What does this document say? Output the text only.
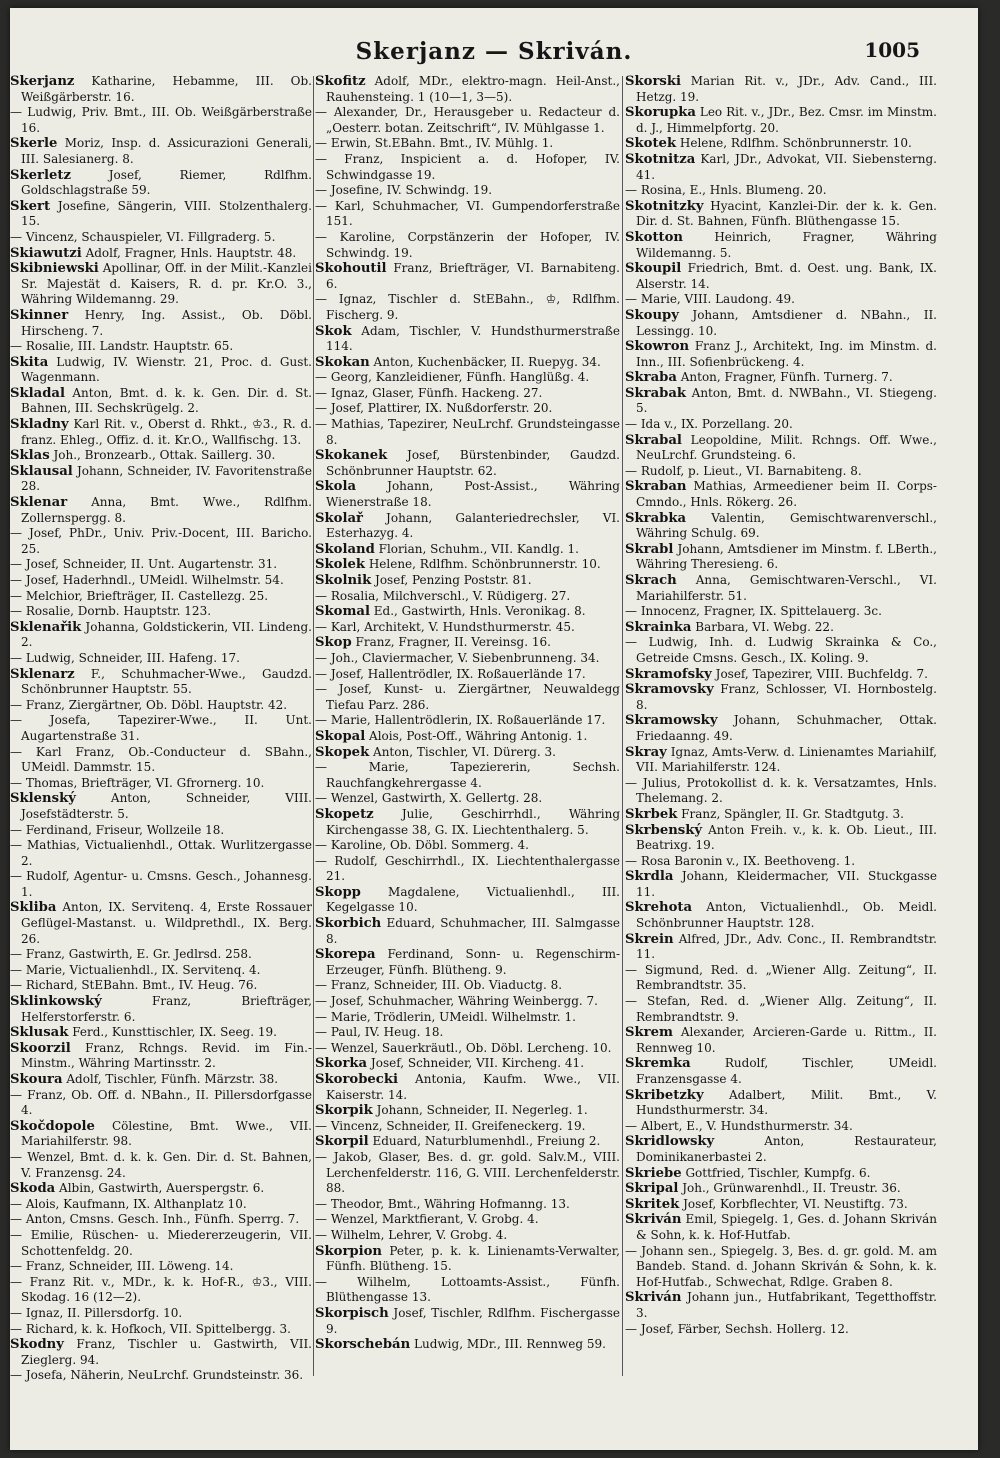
Skerjanz — Skriván.	1005

Skerjanz Katharine, Hebamme, III. Ob. Weißgärberstr. 16.

— Ludwig, Priv. Bmt., III. Ob. Weißgärberstraße 16.

Skerle Moriz, Insp. d. Assicurazioni Generali, III. Salesianerg. 8.

Skerletz Josef, Riemer, Rdlfhm. Goldschlagstraße 59.

Skert Josefine, Sängerin, VIII. Stolzenthalerg. 15.

— Vincenz, Schauspieler, VI. Fillgraderg. 5.

Skiawutzi Adolf, Fragner, Hnls. Hauptstr. 48.

Skibniewski Apollinar, Off. in der Milit.-Kanzlei Sr. Majestät d. Kaisers, R. d. pr. Kr.O. 3., Währing Wildemanng. 29.

Skinner Henry, Ing. Assist., Ob. Döbl. Hirscheng. 7.

— Rosalie, III. Landstr. Hauptstr. 65.

Skita Ludwig, IV. Wienstr. 21, Proc. d. Gust. Wagenmann.

Skladal Anton, Bmt. d. k. k. Gen. Dir. d. St. Bahnen, III. Sechskrügelg. 2.

Skladny Karl Rit. v., Oberst d. Rhkt., ♔3., R. d. franz. Ehleg., Offiz. d. it. Kr.O., Wallfischg. 13.

Sklas Joh., Bronzearb., Ottak. Saillerg. 30.

Sklausal Johann, Schneider, IV. Favoritenstraße 28.

Sklenar Anna, Bmt. Wwe., Rdlfhm. Zollernspergg. 8.

— Josef, PhDr., Univ. Priv.-Docent, III. Baricho. 25.

— Josef, Schneider, II. Unt. Augartenstr. 31.

— Josef, Haderhndl., UMeidl. Wilhelmstr. 54.

— Melchior, Briefträger, II. Castellezg. 25.

— Rosalie, Dornb. Hauptstr. 123.

Sklenařik Johanna, Goldstickerin, VII. Lindeng. 2.

— Ludwig, Schneider, III. Hafeng. 17.

Sklenarz F., Schuhmacher-Wwe., Gaudzd. Schönbrunner Hauptstr. 55.

— Franz, Ziergärtner, Ob. Döbl. Hauptstr. 42.

— Josefa, Tapezirer-Wwe., II. Unt. Augartenstraße 31.

— Karl Franz, Ob.-Conducteur d. SBahn., UMeidl. Dammstr. 15.

— Thomas, Briefträger, VI. Gfrornerg. 10.

Sklenský Anton, Schneider, VIII. Josefstädterstr. 5.

— Ferdinand, Friseur, Wollzeile 18.

— Mathias, Victualienhdl., Ottak. Wurlitzergasse 2.

— Rudolf, Agentur- u. Cmsns. Gesch., Johannesg. 1.

Skliba Anton, IX. Servitenq. 4, Erste Rossauer Geflügel-Mastanst. u. Wildprethdl., IX. Berg. 26.

— Franz, Gastwirth, E. Gr. Jedlrsd. 258.

— Marie, Victualienhdl., IX. Servitenq. 4.

— Richard, StEBahn. Bmt., IV. Heug. 76.

Sklinkowský Franz, Briefträger, Helferstorferstr. 6.

Sklusak Ferd., Kunsttischler, IX. Seeg. 19.

Skoorzil Franz, Rchngs. Revid. im Fin.-Minstm., Währing Martinsstr. 2.

Skoura Adolf, Tischler, Fünfh. Märzstr. 38.

— Franz, Ob. Off. d. NBahn., II. Pillersdorfgasse 4.

Skočdopole Cölestine, Bmt. Wwe., VII. Mariahilferstr. 98.

— Wenzel, Bmt. d. k. k. Gen. Dir. d. St. Bahnen, V. Franzensg. 24.

Skoda Albin, Gastwirth, Auerspergstr. 6.

— Alois, Kaufmann, IX. Althanplatz 10.

— Anton, Cmsns. Gesch. Inh., Fünfh. Sperrg. 7.

— Emilie, Rüschen- u. Miedererzeugerin, VII. Schottenfeldg. 20.

— Franz, Schneider, III. Löweng. 14.

— Franz Rit. v., MDr., k. k. Hof-R., ♔3., VIII. Skodag. 16 (12—2).

— Ignaz, II. Pillersdorfg. 10.

— Richard, k. k. Hofkoch, VII. Spittelbergg. 3.

Skodny Franz, Tischler u. Gastwirth, VII. Zieglerg. 94.

— Josefa, Näherin, NeuLrchf. Grundsteinstr. 36.

Skofitz Adolf, MDr., elektro-magn. Heil-Anst., Rauhensteing. 1 (10—1, 3—5).

— Alexander, Dr., Herausgeber u. Redacteur d. „Oesterr. botan. Zeitschrift“, IV. Mühlgasse 1.

— Erwin, St.EBahn. Bmt., IV. Mühlg. 1.

— Franz, Inspicient a. d. Hofoper, IV. Schwindgasse 19.

— Josefine, IV. Schwindg. 19.

— Karl, Schuhmacher, VI. Gumpendorferstraße 151.

— Karoline, Corpstänzerin der Hofoper, IV. Schwindg. 19.

Skohoutil Franz, Briefträger, VI. Barnabiteng. 6.

— Ignaz, Tischler d. StEBahn., ♔, Rdlfhm. Fischerg. 9.

Skok Adam, Tischler, V. Hundsthurmerstraße 114.

Skokan Anton, Kuchenbäcker, II. Ruepyg. 34.

— Georg, Kanzleidiener, Fünfh. Hanglüßg. 4.

— Ignaz, Glaser, Fünfh. Hackeng. 27.

— Josef, Plattirer, IX. Nußdorferstr. 20.

— Mathias, Tapezirer, NeuLrchf. Grundsteingasse 8.

Skokanek Josef, Bürstenbinder, Gaudzd. Schönbrunner Hauptstr. 62.

Skola Johann, Post-Assist., Währing Wienerstraße 18.

Skolař Johann, Galanteriedrechsler, VI. Esterhazyg. 4.

Skoland Florian, Schuhm., VII. Kandlg. 1.

Skolek Helene, Rdlfhm. Schönbrunnerstr. 10.

Skolnik Josef, Penzing Poststr. 81.

— Rosalia, Milchverschl., V. Rüdigerg. 27.

Skomal Ed., Gastwirth, Hnls. Veronikag. 8.

— Karl, Architekt, V. Hundsthurmerstr. 45.

Skop Franz, Fragner, II. Vereinsg. 16.

— Joh., Claviermacher, V. Siebenbrunneng. 34.

— Josef, Hallentrödler, IX. Roßauerlände 17.

— Josef, Kunst- u. Ziergärtner, Neuwaldegg Tiefau Parz. 286.

— Marie, Hallentrödlerin, IX. Roßauerlände 17.

Skopal Alois, Post-Off., Währing Antonig. 1.

Skopek Anton, Tischler, VI. Dürerg. 3.

— Marie, Tapeziererin, Sechsh. Rauchfangkehrergasse 4.

— Wenzel, Gastwirth, X. Gellertg. 28.

Skopetz Julie, Geschirrhdl., Währing Kirchengasse 38, G. IX. Liechtenthalerg. 5.

— Karoline, Ob. Döbl. Sommerg. 4.

— Rudolf, Geschirrhdl., IX. Liechtenthalergasse 21.

Skopp Magdalene, Victualienhdl., III. Kegelgasse 10.

Skorbich Eduard, Schuhmacher, III. Salmgasse 8.

Skorepa Ferdinand, Sonn- u. Regenschirm-Erzeuger, Fünfh. Blütheng. 9.

— Franz, Schneider, III. Ob. Viaductg. 8.

— Josef, Schuhmacher, Währing Weinbergg. 7.

— Marie, Trödlerin, UMeidl. Wilhelmstr. 1.

— Paul, IV. Heug. 18.

— Wenzel, Sauerkräutl., Ob. Döbl. Lercheng. 10.

Skorka Josef, Schneider, VII. Kircheng. 41.

Skorobecki Antonia, Kaufm. Wwe., VII. Kaiserstr. 14.

Skorpik Johann, Schneider, II. Negerleg. 1.

— Vincenz, Schneider, II. Greifeneckerg. 19.

Skorpil Eduard, Naturblumenhdl., Freiung 2.

— Jakob, Glaser, Bes. d. gr. gold. Salv.M., VIII. Lerchenfelderstr. 116, G. VIII. Lerchenfelderstr. 88.

— Theodor, Bmt., Währing Hofmanng. 13.

— Wenzel, Marktfierant, V. Grobg. 4.

— Wilhelm, Lehrer, V. Grobg. 4.

Skorpion Peter, p. k. k. Linienamts-Verwalter, Fünfh. Blütheng. 15.

— Wilhelm, Lottoamts-Assist., Fünfh. Blüthengasse 13.

Skorpisch Josef, Tischler, Rdlfhm. Fischergasse 9.

Skorschebán Ludwig, MDr., III. Rennweg 59.

Skorski Marian Rit. v., JDr., Adv. Cand., III. Hetzg. 19.

Skorupka Leo Rit. v., JDr., Bez. Cmsr. im Minstm. d. J., Himmelpfortg. 20.

Skotek Helene, Rdlfhm. Schönbrunnerstr. 10.

Skotnitza Karl, JDr., Advokat, VII. Siebensterng. 41.

— Rosina, E., Hnls. Blumeng. 20.

Skotnitzky Hyacint, Kanzlei-Dir. der k. k. Gen. Dir. d. St. Bahnen, Fünfh. Blüthengasse 15.

Skotton Heinrich, Fragner, Währing Wildemanng. 5.

Skoupil Friedrich, Bmt. d. Oest. ung. Bank, IX. Alserstr. 14.

— Marie, VIII. Laudong. 49.

Skoupy Johann, Amtsdiener d. NBahn., II. Lessingg. 10.

Skowron Franz J., Architekt, Ing. im Minstm. d. Inn., III. Sofienbrückeng. 4.

Skraba Anton, Fragner, Fünfh. Turnerg. 7.

Skrabak Anton, Bmt. d. NWBahn., VI. Stiegeng. 5.

— Ida v., IX. Porzellang. 20.

Skrabal Leopoldine, Milit. Rchngs. Off. Wwe., NeuLrchf. Grundsteing. 6.

— Rudolf, p. Lieut., VI. Barnabiteng. 8.

Skraban Mathias, Armeediener beim II. Corps-Cmndo., Hnls. Rökerg. 26.

Skrabka Valentin, Gemischtwarenverschl., Währing Schulg. 69.

Skrabl Johann, Amtsdiener im Minstm. f. LBerth., Währing Theresieng. 6.

Skrach Anna, Gemischtwaren-Verschl., VI. Mariahilferstr. 51.

— Innocenz, Fragner, IX. Spittelauerg. 3c.

Skrainka Barbara, VI. Webg. 22.

— Ludwig, Inh. d. Ludwig Skrainka & Co., Getreide Cmsns. Gesch., IX. Koling. 9.

Skramofsky Josef, Tapezirer, VIII. Buchfeldg. 7.

Skramovsky Franz, Schlosser, VI. Hornbostelg. 8.

Skramowsky Johann, Schuhmacher, Ottak. Friedaanng. 49.

Skray Ignaz, Amts-Verw. d. Linienamtes Mariahilf, VII. Mariahilferstr. 124.

— Julius, Protokollist d. k. k. Versatzamtes, Hnls. Thelemang. 2.

Skrbek Franz, Spängler, II. Gr. Stadtgutg. 3.

Skrbenský Anton Freih. v., k. k. Ob. Lieut., III. Beatrixg. 19.

— Rosa Baronin v., IX. Beethoveng. 1.

Skrdla Johann, Kleidermacher, VII. Stuckgasse 11.

Skrehota Anton, Victualienhdl., Ob. Meidl. Schönbrunner Hauptstr. 128.

Skrein Alfred, JDr., Adv. Conc., II. Rembrandtstr. 11.

— Sigmund, Red. d. „Wiener Allg. Zeitung“, II. Rembrandtstr. 35.

— Stefan, Red. d. „Wiener Allg. Zeitung“, II. Rembrandtstr. 9.

Skrem Alexander, Arcieren-Garde u. Rittm., II. Rennweg 10.

Skremka Rudolf, Tischler, UMeidl. Franzensgasse 4.

Skribetzky Adalbert, Milit. Bmt., V. Hundsthurmerstr. 34.

— Albert, E., V. Hundsthurmerstr. 34.

Skridlowsky Anton, Restaurateur, Dominikanerbastei 2.

Skriebe Gottfried, Tischler, Kumpfg. 6.

Skripal Joh., Grünwarenhdl., II. Treustr. 36.

Skritek Josef, Korbflechter, VI. Neustiftg. 73.

Skriván Emil, Spiegelg. 1, Ges. d. Johann Skriván & Sohn, k. k. Hof-Hutfab.

— Johann sen., Spiegelg. 3, Bes. d. gr. gold. M. am Bandeb. Stand. d. Johann Skriván & Sohn, k. k. Hof-Hutfab., Schwechat, Rdlge. Graben 8.

Skriván Johann jun., Hutfabrikant, Tegetthoffstr. 3.

— Josef, Färber, Sechsh. Hollerg. 12.
